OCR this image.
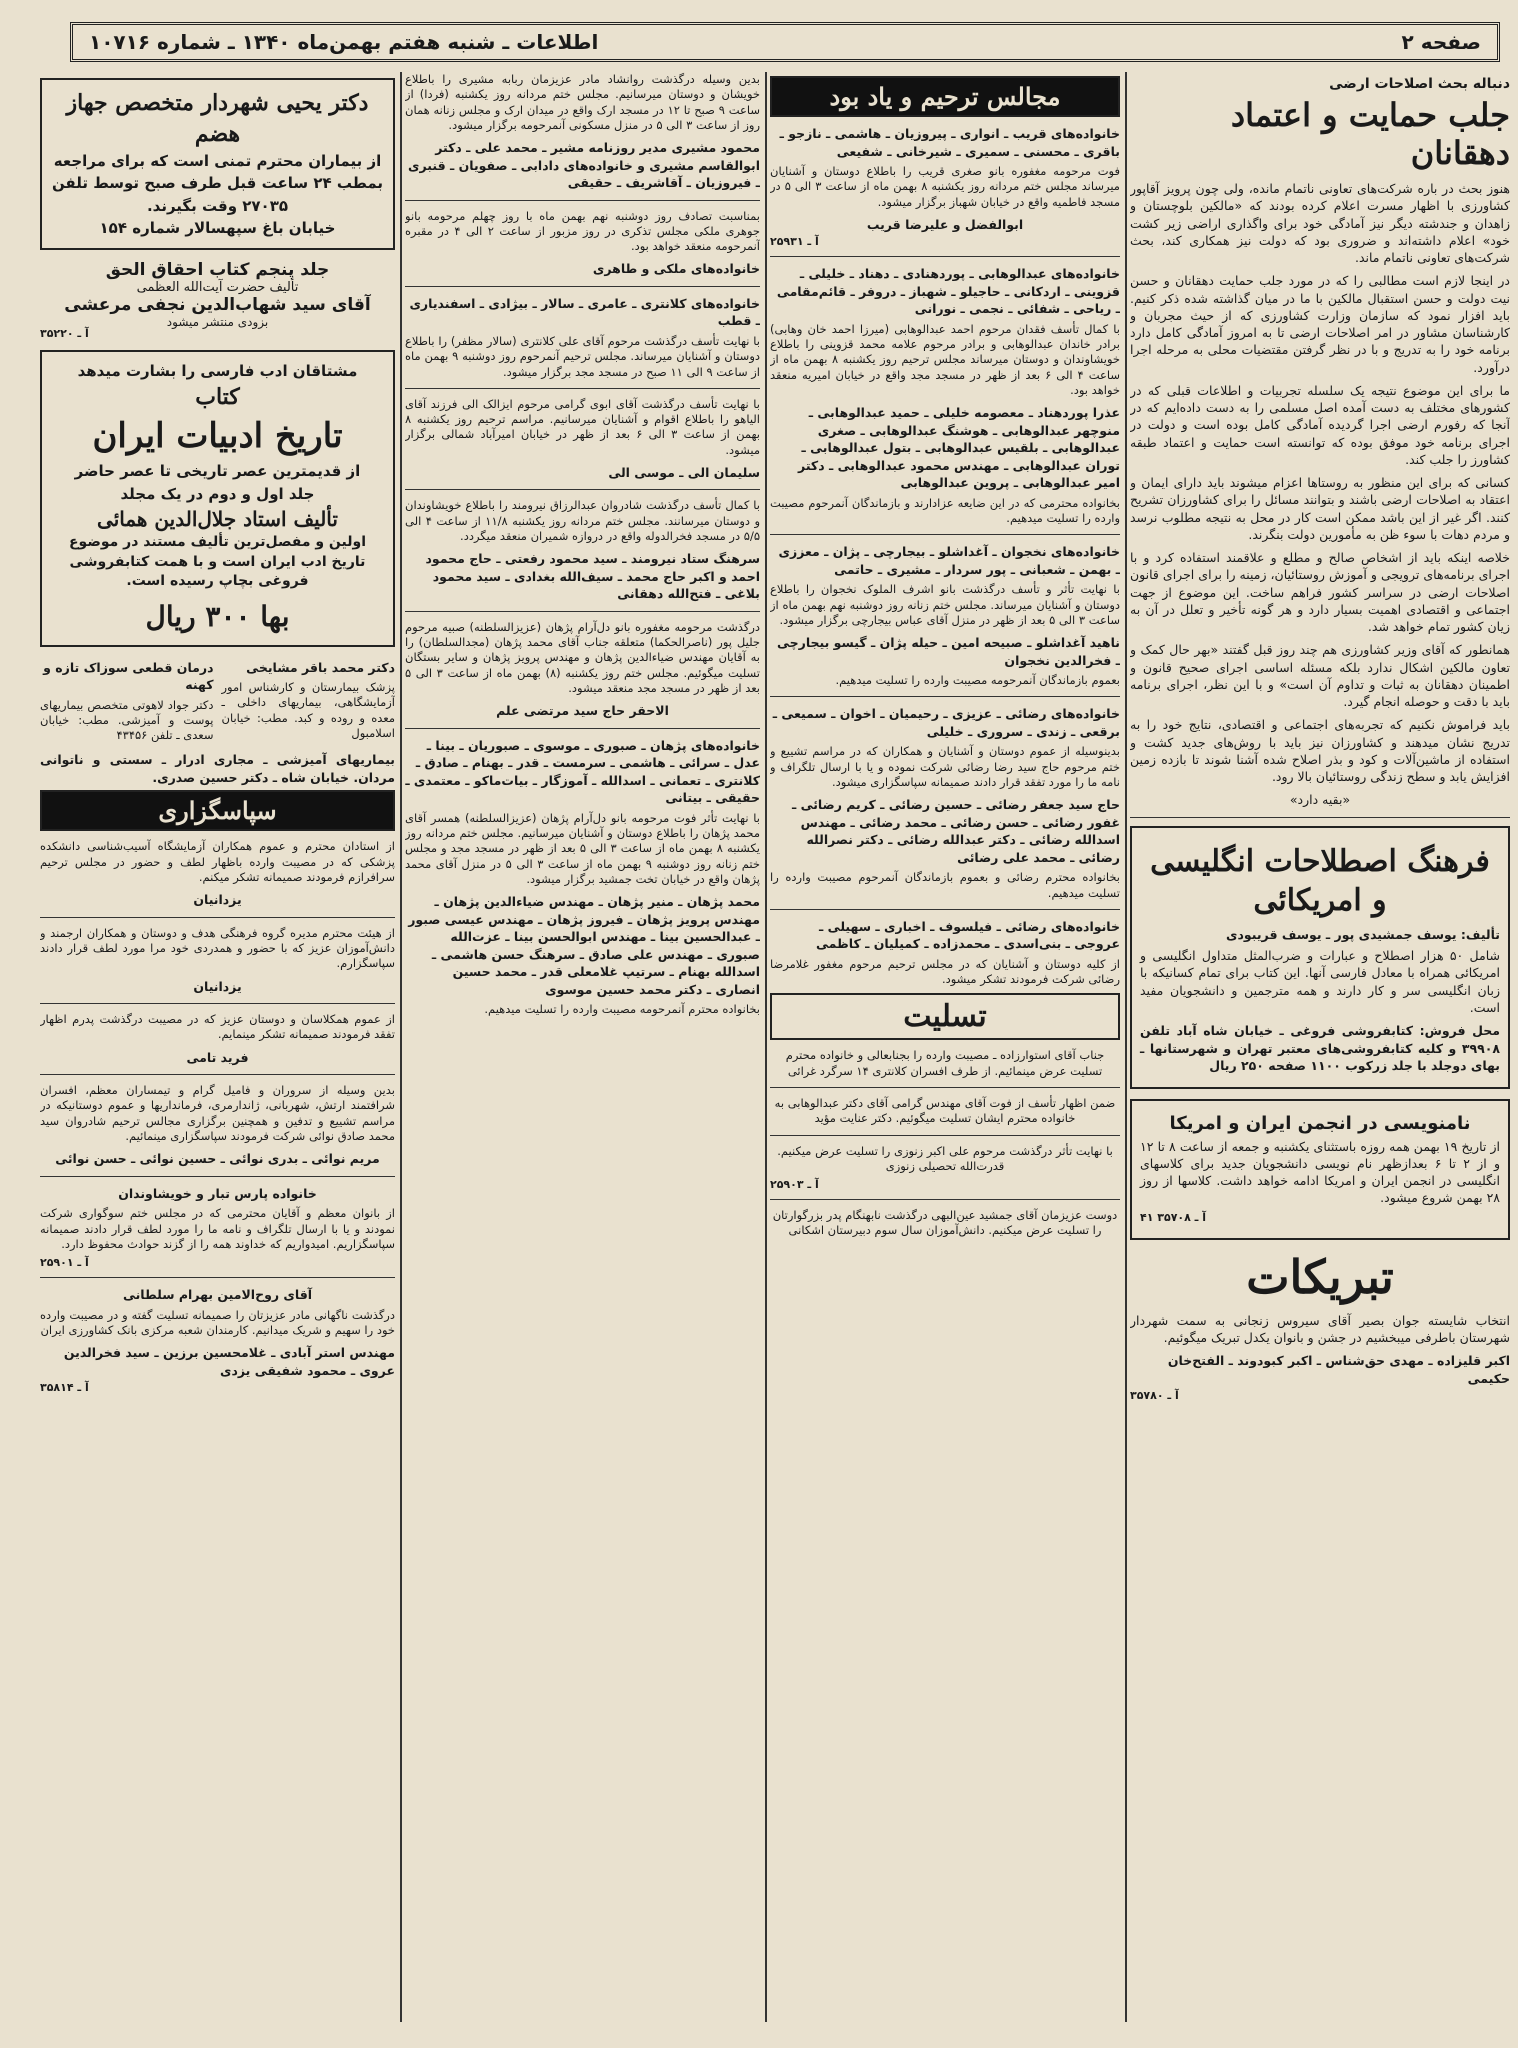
صفحه ۲
اطلاعات ـ شنبه هفتم بهمن‌ماه ۱۳۴۰ ـ شماره ۱۰۷۱۶
دنباله بحث اصلاحات ارضی
جلب حمایت و اعتماد دهقانان

هنوز بحث در باره شرکت‌های تعاونی ناتمام مانده، ولی چون پرویز آقاپور کشاورزی با اظهار مسرت اعلام کرده بودند که «مالکین بلوچستان و زاهدان و جندشته دیگر نیز آمادگی خود برای واگذاری اراضی زیر کشت خود» اعلام داشته‌اند و ضروری بود که دولت نیز همکاری کند، بحث شرکت‌های تعاونی ناتمام ماند.

در اینجا لازم است مطالبی را که در مورد جلب حمایت دهقانان و حسن نیت دولت و حسن استقبال مالکین با ما در میان گذاشته شده ذکر کنیم. باید افزار نمود که سازمان وزارت کشاورزی که از حیث مجربان و کارشناسان مشاور در امر اصلاحات ارضی تا به امروز آمادگی کامل دارد برنامه خود را به تدریج و با در نظر گرفتن مقتضیات محلی به مرحله اجرا درآورد.

ما برای این موضوع نتیجه یک سلسله تجربیات و اطلاعات قبلی که در کشورهای مختلف به دست آمده اصل مسلمی را به دست داده‌ایم که در آنجا که رفورم ارضی اجرا گردیده آمادگی کامل بوده است و دولت در اجرای برنامه خود موفق بوده که توانسته است حمایت و اعتماد طبقه کشاورز را جلب کند.

کسانی که برای این منظور به روستاها اعزام میشوند باید دارای ایمان و اعتقاد به اصلاحات ارضی باشند و بتوانند مسائل را برای کشاورزان تشریح کنند. اگر غیر از این باشد ممکن است کار در محل به نتیجه مطلوب نرسد و مردم دهات با سوء ظن به مأمورین دولت بنگرند.

خلاصه اینکه باید از اشخاص صالح و مطلع و علاقمند استفاده کرد و با اجرای برنامه‌های ترویجی و آموزش روستائیان، زمینه را برای اجرای قانون اصلاحات ارضی در سراسر کشور فراهم ساخت. این موضوع از جهت اجتماعی و اقتصادی اهمیت بسیار دارد و هر گونه تأخیر و تعلل در آن به زیان کشور تمام خواهد شد.

همانطور که آقای وزیر کشاورزی هم چند روز قبل گفتند «بهر حال کمک و تعاون مالکین اشکال ندارد بلکه مسئله اساسی اجرای صحیح قانون و اطمینان دهقانان به ثبات و تداوم آن است» و با این نظر، اجرای برنامه باید با دقت و حوصله انجام گیرد.

باید فراموش نکنیم که تجربه‌های اجتماعی و اقتصادی، نتایج خود را به تدریج نشان میدهند و کشاورزان نیز باید با روش‌های جدید کشت و استفاده از ماشین‌آلات و کود و بذر اصلاح شده آشنا شوند تا بازده زمین افزایش یابد و سطح زندگی روستائیان بالا رود.

«بقیه دارد»

فرهنگ اصطلاحات انگلیسی و امریکائی
تألیف: یوسف جمشیدی پور ـ یوسف قریبودی

شامل ۵۰ هزار اصطلاح و عبارات و ضرب‌المثل متداول انگلیسی و امریکائی همراه با معادل فارسی آنها. این کتاب برای تمام کسانیکه با زبان انگلیسی سر و کار دارند و همه مترجمین و دانشجویان مفید است.

محل فروش: کتابفروشی فروغی ـ خیابان شاه آباد تلفن ۳۹۹۰۸ و کلیه کتابفروشی‌های معتبر تهران و شهرستانها ـ بهای دوجلد با جلد زرکوب ۱۱۰۰ صفحه ۲۵۰ ریال

نامنویسی در انجمن ایران و امریکا

از تاریخ ۱۹ بهمن همه روزه باستثنای یکشنبه و جمعه از ساعت ۸ تا ۱۲ و از ۲ تا ۶ بعدازظهر نام نویسی دانشجویان جدید برای کلاسهای انگلیسی در انجمن ایران و امریکا ادامه خواهد داشت. کلاسها از روز ۲۸ بهمن شروع میشود.

۴۱ آ ـ ۳۵۷۰۸
تبریکات

انتخاب شایسته جوان بصیر آقای سیروس زنجانی به سمت شهردار شهرستان باطرفی میبخشیم در جشن و بانوان یکدل تبریک میگوئیم.

اکبر قلیزاده ـ مهدی حق‌شناس ـ اکبر کبودوند ـ الفتح‌خان حکیمی
آ ـ ۳۵۷۸۰
مجالس ترحیم و یاد بود
خانواده‌های قریب ـ انواری ـ پیروزیان ـ هاشمی ـ نازجو ـ باقری ـ محسنی ـ سمیری ـ شیرخانی ـ شفیعی

فوت مرحومه مغفوره بانو صغری قریب را باطلاع دوستان و آشنایان میرساند مجلس ختم مردانه روز یکشنبه ۸ بهمن ماه از ساعت ۳ الی ۵ در مسجد فاطمیه واقع در خیابان شهباز برگزار میشود.

ابوالفضل و علیرضا قریب
آ ـ ۲۵۹۳۱
خانواده‌های عبدالوهابی ـ پوردهنادی ـ دهناد ـ خلیلی ـ قزوینی ـ اردکانی ـ حاجیلو ـ شهباز ـ دروفر ـ قائم‌مقامی ـ ریاحی ـ شفائی ـ نجمی ـ نورانی

با کمال تأسف فقدان مرحوم احمد عبدالوهابی (میرزا احمد خان وهابی) برادر خاندان عبدالوهابی و برادر مرحوم علامه محمد قزوینی را باطلاع خویشاوندان و دوستان میرساند مجلس ترحیم روز یکشنبه ۸ بهمن ماه از ساعت ۴ الی ۶ بعد از ظهر در مسجد مجد واقع در خیابان امیریه منعقد خواهد بود.

عذرا پوردهناد ـ معصومه خلیلی ـ حمید عبدالوهابی ـ منوچهر عبدالوهابی ـ هوشنگ عبدالوهابی ـ صغری عبدالوهابی ـ بلقیس عبدالوهابی ـ بتول عبدالوهابی ـ توران عبدالوهابی ـ مهندس محمود عبدالوهابی ـ دکتر امیر عبدالوهابی ـ پروین عبدالوهابی

بخانواده محترمی که در این ضایعه عزادارند و بازماندگان آنمرحوم مصیبت وارده را تسلیت میدهیم.

خانواده‌های نخجوان ـ آغداشلو ـ بیجارچی ـ پژان ـ معززی ـ بهمن ـ شعبانی ـ پور سردار ـ مشیری ـ حاتمی

با نهایت تأثر و تأسف درگذشت بانو اشرف الملوک نخجوان را باطلاع دوستان و آشنایان میرساند. مجلس ختم زنانه روز دوشنبه نهم بهمن ماه از ساعت ۳ الی ۵ بعد از ظهر در منزل آقای عباس بیجارچی برگزار میشود.

ناهید آغداشلو ـ صبیحه امین ـ حیله پژان ـ گیسو بیجارچی ـ فخرالدین نخجوان

بعموم بازماندگان آنمرحومه مصیبت وارده را تسلیت میدهیم.

خانواده‌های رضائی ـ عزیزی ـ رحیمیان ـ اخوان ـ سمیعی ـ برقعی ـ زندی ـ سروری ـ خلیلی

بدینوسیله از عموم دوستان و آشنایان و همکاران که در مراسم تشییع و ختم مرحوم حاج سید رضا رضائی شرکت نموده و یا با ارسال تلگراف و نامه ما را مورد تفقد قرار دادند صمیمانه سپاسگزاری میشود.

حاج سید جعفر رضائی ـ حسین رضائی ـ کریم رضائی ـ غفور رضائی ـ حسن رضائی ـ محمد رضائی ـ مهندس اسدالله رضائی ـ دکتر عبدالله رضائی ـ دکتر نصرالله رضائی ـ محمد علی رضائی

بخانواده محترم رضائی و بعموم بازماندگان آنمرحوم مصیبت وارده را تسلیت میدهیم.

خانواده‌های رضائی ـ فیلسوف ـ اخباری ـ سهیلی ـ عروجی ـ بنی‌اسدی ـ محمدزاده ـ کمیلیان ـ کاظمی

از کلیه دوستان و آشنایان که در مجلس ترحیم مرحوم مغفور غلامرضا رضائی شرکت فرمودند تشکر میشود.

تسلیت

جناب آقای استوارزاده ـ مصیبت وارده را بجنابعالی و خانواده محترم تسلیت عرض مینمائیم. از طرف افسران کلانتری ۱۴ سرگرد غرائی

ضمن اظهار تأسف از فوت آقای مهندس گرامی آقای دکتر عبدالوهابی به خانواده محترم ایشان تسلیت میگوئیم. دکتر عنایت مؤید

با نهایت تأثر درگذشت مرحوم علی اکبر زنوزی را تسلیت عرض میکنیم. قدرت‌الله تحصیلی زنوزی

آ ـ ۲۵۹۰۳

دوست عزیزمان آقای جمشید عین‌البهی درگذشت نابهنگام پدر بزرگوارتان را تسلیت عرض میکنیم. دانش‌آموزان سال سوم دبیرستان اشکانی

بدین وسیله درگذشت روانشاد مادر عزیزمان ربابه مشیری را باطلاع خویشان و دوستان میرسانیم. مجلس ختم مردانه روز یکشنبه (فردا) از ساعت ۹ صبح تا ۱۲ در مسجد ارک واقع در میدان ارک و مجلس زنانه همان روز از ساعت ۳ الی ۵ در منزل مسکونی آنمرحومه برگزار میشود.

محمود مشیری مدیر روزنامه مشیر ـ محمد علی ـ دکتر ابوالقاسم مشیری و خانواده‌های دادابی ـ صفویان ـ قنبری ـ فیروزیان ـ آقاشریف ـ حقیقی

بمناسبت تصادف روز دوشنبه نهم بهمن ماه با روز چهلم مرحومه بانو جوهری ملکی مجلس تذکری در روز مزبور از ساعت ۲ الی ۴ در مقبره آنمرحومه منعقد خواهد بود.

خانواده‌های ملکی و طاهری
خانواده‌های کلانتری ـ عامری ـ سالار ـ بیژادی ـ اسفندیاری ـ قطب

با نهایت تأسف درگذشت مرحوم آقای علی کلانتری (سالار مظفر) را باطلاع دوستان و آشنایان میرساند. مجلس ترحیم آنمرحوم روز دوشنبه ۹ بهمن ماه از ساعت ۹ الی ۱۱ صبح در مسجد مجد برگزار میشود.

با نهایت تأسف درگذشت آقای ابوی گرامی مرحوم ایزالک الی فرزند آقای الیاهو را باطلاع اقوام و آشنایان میرسانیم. مراسم ترحیم روز یکشنبه ۸ بهمن از ساعت ۳ الی ۶ بعد از ظهر در خیابان امیرآباد شمالی برگزار میشود.

سلیمان الی ـ موسی الی

با کمال تأسف درگذشت شادروان عبدالرزاق نیرومند را باطلاع خویشاوندان و دوستان میرسانند. مجلس ختم مردانه روز یکشنبه ۱۱/۸ از ساعت ۴ الی ۵/۵ در مسجد فخرالدوله واقع در دروازه شمیران منعقد میگردد.

سرهنگ ستاد نیرومند ـ سید محمود رفعتی ـ حاج محمود احمد و اکبر حاج محمد ـ سیف‌الله بغدادی ـ سید محمود بلاغی ـ فتح‌الله دهقانی

درگذشت مرحومه مغفوره بانو دل‌آرام پژهان (عزیزالسلطنه) صبیه مرحوم جلیل پور (ناصرالحکما) متعلقه جناب آقای محمد پژهان (مجدالسلطان) را به آقایان مهندس ضیاءالدین پژهان و مهندس پرویز پژهان و سایر بستگان تسلیت میگوئیم. مجلس ختم روز یکشنبه (۸) بهمن ماه از ساعت ۳ الی ۵ بعد از ظهر در مسجد مجد منعقد میشود.

الاحقر حاج سید مرتضی علم
خانواده‌های پژهان ـ صبوری ـ موسوی ـ صبوریان ـ بینا ـ عدل ـ سرائی ـ هاشمی ـ سرمست ـ قدر ـ بهنام ـ صادق ـ کلانتری ـ تعمانی ـ اسدالله ـ آموزگار ـ بیات‌ماکو ـ معتمدی ـ حقیقی ـ بیتانی

با نهایت تأثر فوت مرحومه بانو دل‌آرام پژهان (عزیزالسلطنه) همسر آقای محمد پژهان را باطلاع دوستان و آشنایان میرسانیم. مجلس ختم مردانه روز یکشنبه ۸ بهمن ماه از ساعت ۳ الی ۵ بعد از ظهر در مسجد مجد و مجلس ختم زنانه روز دوشنبه ۹ بهمن ماه از ساعت ۳ الی ۵ در منزل آقای محمد پژهان واقع در خیابان تخت جمشید برگزار میشود.

محمد پژهان ـ منیر پژهان ـ مهندس ضیاءالدین پژهان ـ مهندس پرویز پژهان ـ فیروز پژهان ـ مهندس عیسی صبور ـ عبدالحسین بینا ـ مهندس ابوالحسن بینا ـ عزت‌الله صبوری ـ مهندس علی صادق ـ سرهنگ حسن هاشمی ـ اسدالله بهنام ـ سرتیپ غلامعلی قدر ـ محمد حسین انصاری ـ دکتر محمد حسین موسوی

بخانواده محترم آنمرحومه مصیبت وارده را تسلیت میدهیم.

دکتر یحیی شهردار متخصص جهاز هضم
از بیماران محترم تمنی است که برای مراجعه بمطب ۲۴ ساعت قبل طرف صبح توسط تلفن ۲۷۰۳۵ وقت بگیرند.
خیابان باغ سپهسالار شماره ۱۵۴
جلد پنجم کتاب احقاق الحق
تألیف حضرت آیت‌الله العظمی
آقای سید شهاب‌الدین نجفی مرعشی
بزودی منتشر میشود
آ ـ ۳۵۲۲۰
مشتاقان ادب فارسی را بشارت میدهد
کتاب
تاریخ ادبیات ایران
از قدیمترین عصر تاریخی تا عصر حاضر
جلد اول و دوم در یک مجلد
تألیف استاد جلال‌الدین همائی

اولین و مفصل‌ترین تألیف مستند در موضوع تاریخ ادب ایران است و با همت کتابفروشی فروغی بچاپ رسیده است.

بها ۳۰۰ ریال
دکتر محمد باقر مشایخی

پزشک بیمارستان و کارشناس امور آزمایشگاهی، بیماریهای داخلی ـ معده و روده و کبد. مطب: خیابان اسلامبول

درمان قطعی سوزاک تازه و کهنه

دکتر جواد لاهوتی متخصص بیماریهای پوست و آمیزشی. مطب: خیابان سعدی ـ تلفن ۴۳۴۵۶

بیماریهای آمیزشی ـ مجاری ادرار ـ سستی و ناتوانی مردان. خیابان شاه ـ دکتر حسین صدری.

سپاسگزاری

از استادان محترم و عموم همکاران آزمایشگاه آسیب‌شناسی دانشکده پزشکی که در مصیبت وارده باظهار لطف و حضور در مجلس ترحیم سرافرازم فرمودند صمیمانه تشکر میکنم.

یزدانیان

از هیئت محترم مدیره گروه فرهنگی هدف و دوستان و همکاران ارجمند و دانش‌آموزان عزیز که با حضور و همدردی خود مرا مورد لطف قرار دادند سپاسگزارم.

یزدانیان

از عموم همکلاسان و دوستان عزیز که در مصیبت درگذشت پدرم اظهار تفقد فرمودند صمیمانه تشکر مینمایم.

فرید تامی

بدین وسیله از سروران و فامیل گرام و تیمساران معظم، افسران شرافتمند ارتش، شهربانی، ژاندارمری، فرمانداریها و عموم دوستانیکه در مراسم تشییع و تدفین و همچنین برگزاری مجالس ترحیم شادروان سید محمد صادق نوائی شرکت فرمودند سپاسگزاری مینمائیم.

مریم نوائی ـ بدری نوائی ـ حسین نوائی ـ حسن نوائی
خانواده پارس تبار و خویشاوندان

از بانوان معظم و آقایان محترمی که در مجلس ختم سوگواری شرکت نمودند و یا با ارسال تلگراف و نامه ما را مورد لطف قرار دادند صمیمانه سپاسگزاریم. امیدواریم که خداوند همه را از گزند حوادث محفوظ دارد.

آ ـ ۲۵۹۰۱
آقای روح‌الامین بهرام سلطانی

درگذشت ناگهانی مادر عزیزتان را صمیمانه تسلیت گفته و در مصیبت وارده خود را سهیم و شریک میدانیم. کارمندان شعبه مرکزی بانک کشاورزی ایران

مهندس استر آبادی ـ غلامحسین برزین ـ سید فخرالدین عروی ـ محمود شفیقی یزدی
آ ـ ۳۵۸۱۴
